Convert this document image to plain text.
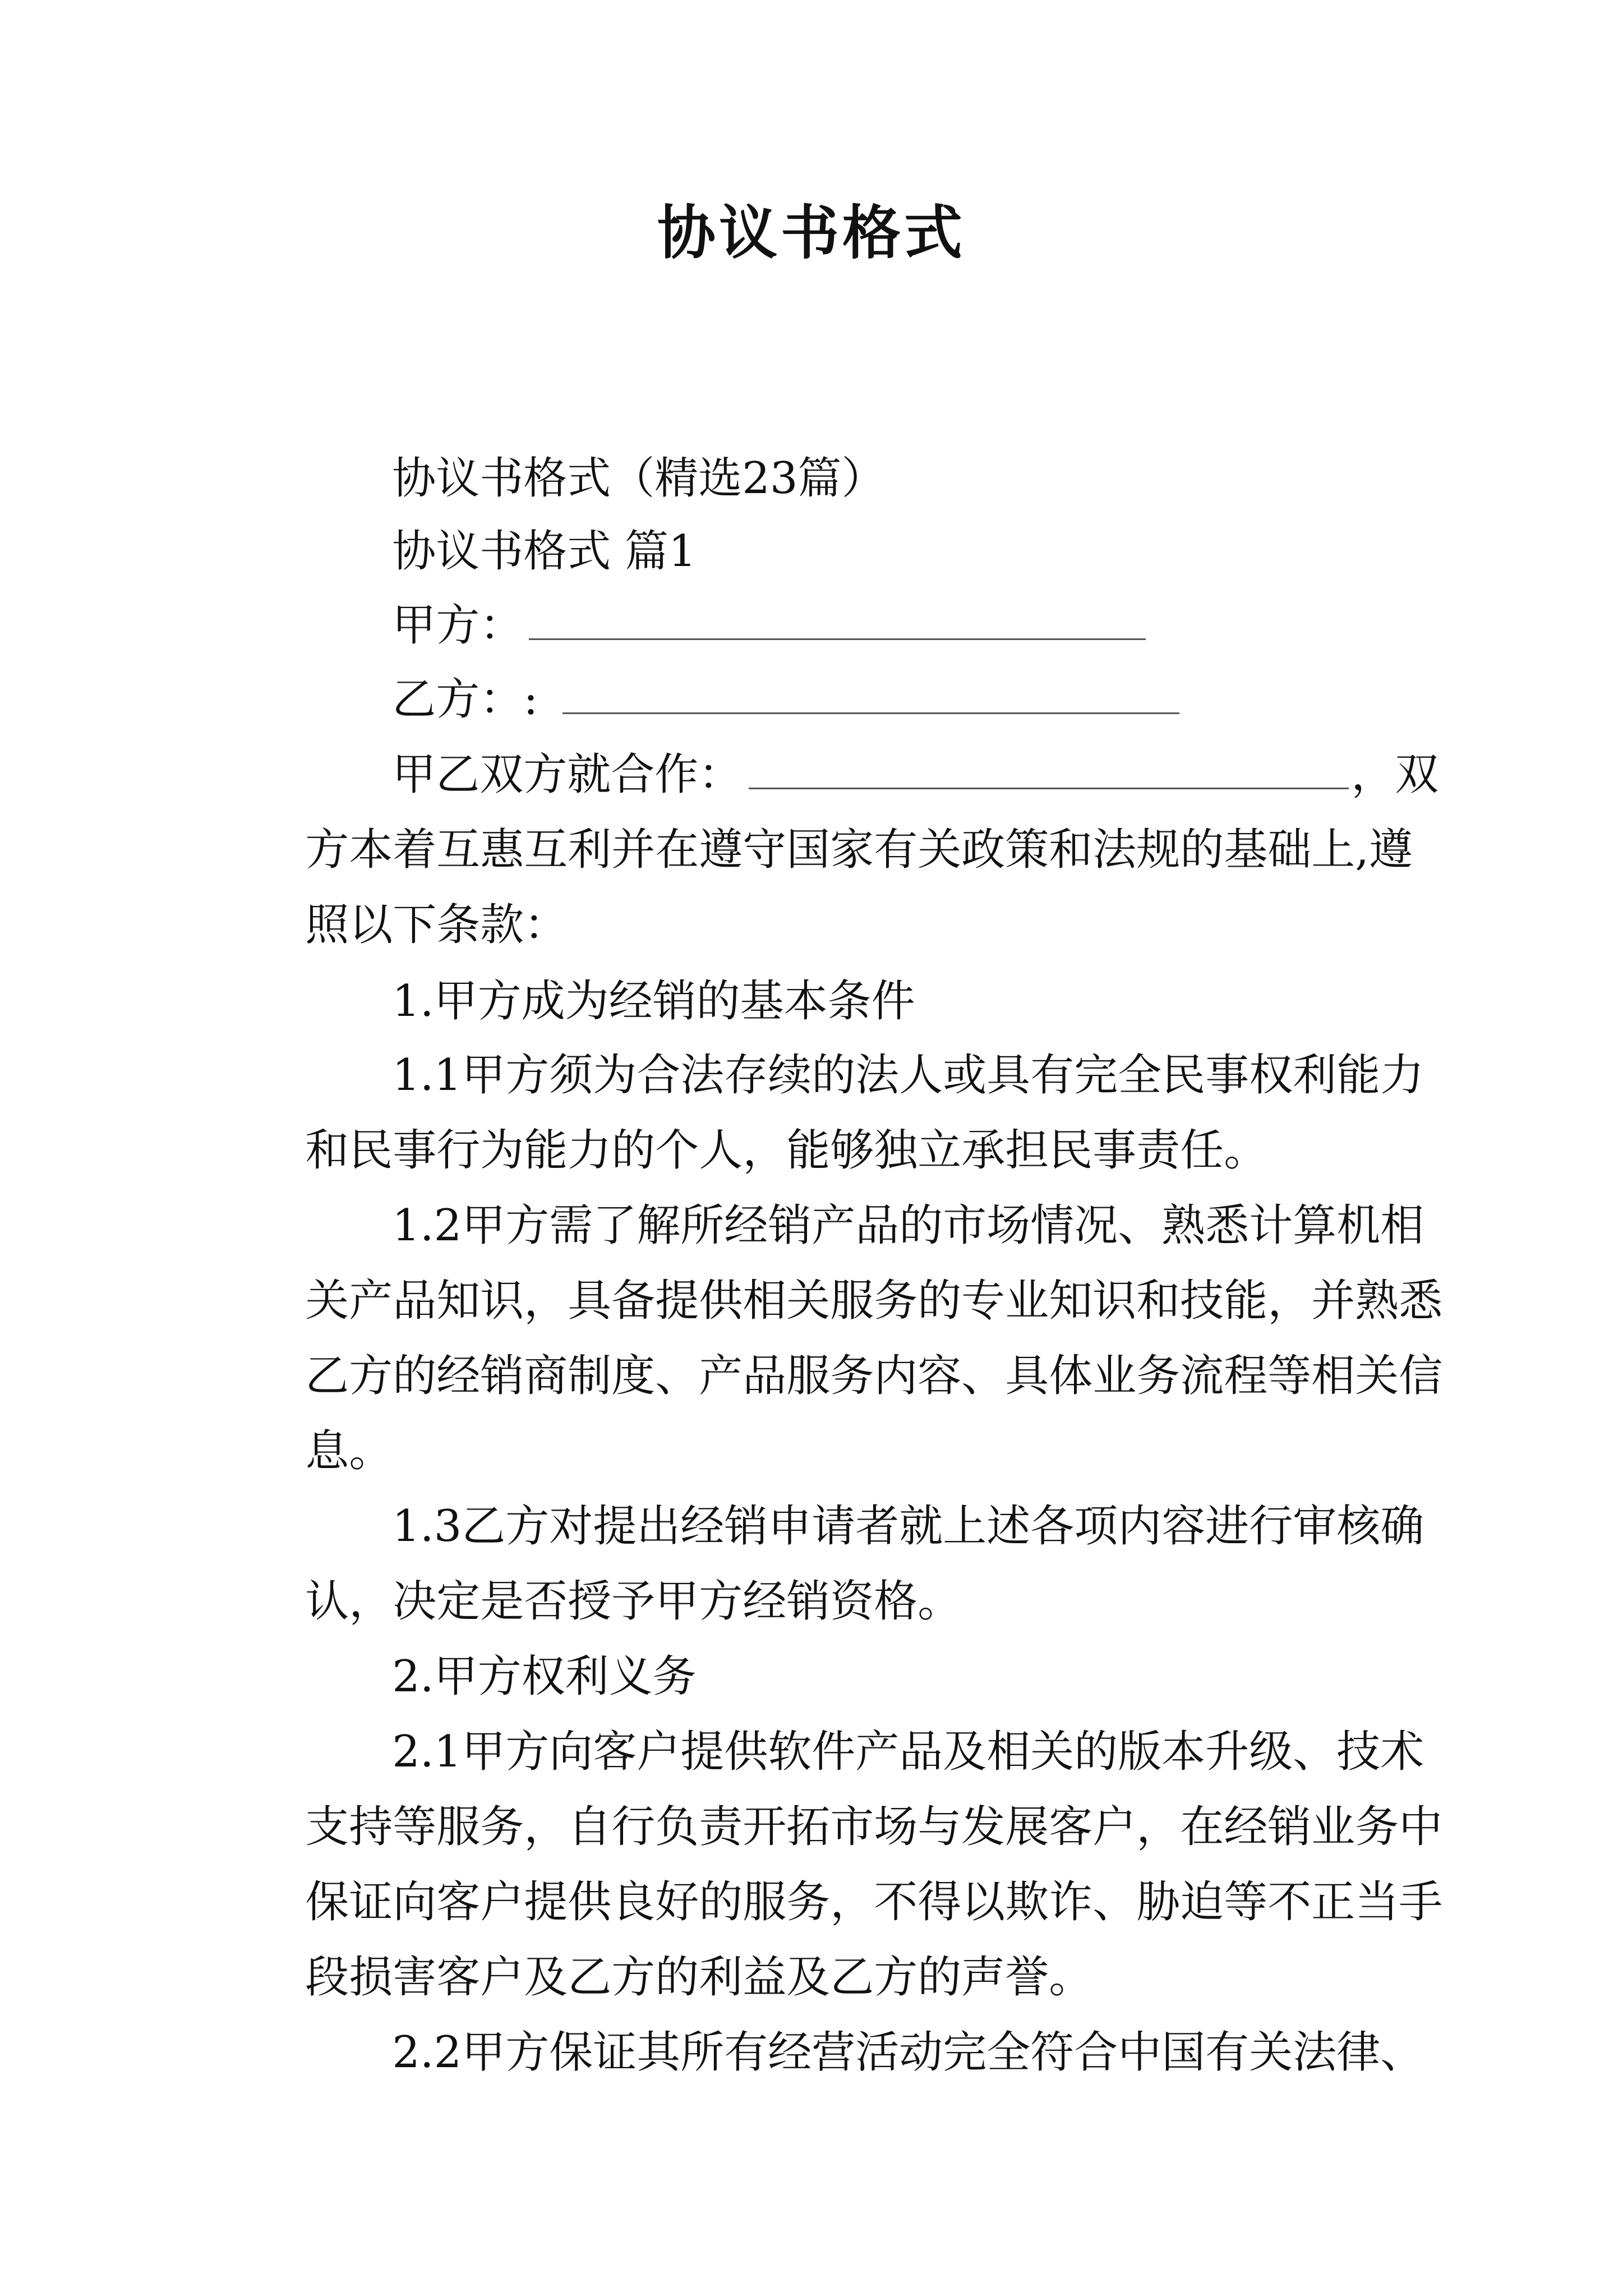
协议书格式

协议书格式（精选23篇）

协议书格式 篇1

甲方：

乙方：:

甲乙双方就合作：	，双

方本着互惠互利并在遵守国家有关政策和法规的基础上,遵

照以下条款：

1.甲方成为经销的基本条件

1.1甲方须为合法存续的法人或具有完全民事权利能力

和民事行为能力的个人，能够独立承担民事责任。

1.2甲方需了解所经销产品的市场情况、熟悉计算机相

关产品知识，具备提供相关服务的专业知识和技能，并熟悉

乙方的经销商制度、产品服务内容、具体业务流程等相关信

息。

1.3乙方对提出经销申请者就上述各项内容进行审核确

认，决定是否授予甲方经销资格。

2.甲方权利义务

2.1甲方向客户提供软件产品及相关的版本升级、技术

支持等服务，自行负责开拓市场与发展客户，在经销业务中

保证向客户提供良好的服务，不得以欺诈、胁迫等不正当手

段损害客户及乙方的利益及乙方的声誉。

2.2甲方保证其所有经营活动完全符合中国有关法律、
